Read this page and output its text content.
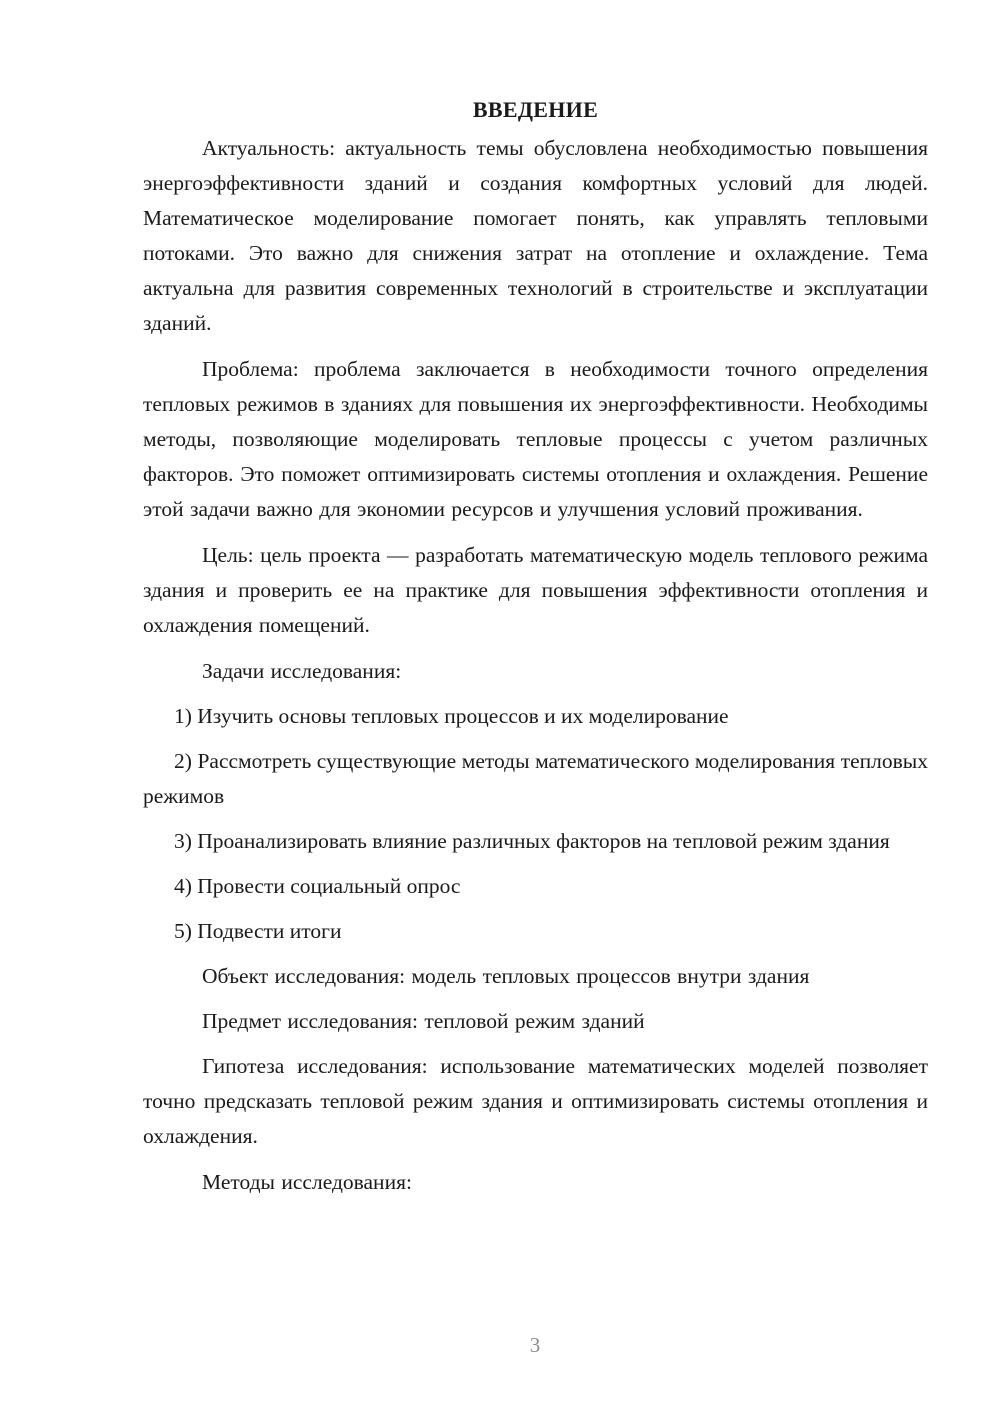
ВВЕДЕНИЕ

Актуальность: актуальность темы обусловлена необходимостью повышения энергоэффективности зданий и создания комфортных условий для людей. Математическое моделирование помогает понять, как управлять тепловыми потоками. Это важно для снижения затрат на отопление и охлаждение. Тема актуальна для развития современных технологий в строительстве и эксплуатации зданий.

Проблема: проблема заключается в необходимости точного определения тепловых режимов в зданиях для повышения их энергоэффективности. Необходимы методы, позволяющие моделировать тепловые процессы с учетом различных факторов. Это поможет оптимизировать системы отопления и охлаждения. Решение этой задачи важно для экономии ресурсов и улучшения условий проживания.

Цель: цель проекта — разработать математическую модель теплового режима здания и проверить ее на практике для повышения эффективности отопления и охлаждения помещений.

Задачи исследования:

1) Изучить основы тепловых процессов и их моделирование

2) Рассмотреть существующие методы математического моделирования тепловых режимов

3) Проанализировать влияние различных факторов на тепловой режим здания

4) Провести социальный опрос

5) Подвести итоги

Объект исследования: модель тепловых процессов внутри здания

Предмет исследования: тепловой режим зданий

Гипотеза исследования: использование математических моделей позволяет точно предсказать тепловой режим здания и оптимизировать системы отопления и охлаждения.

Методы исследования:

3
